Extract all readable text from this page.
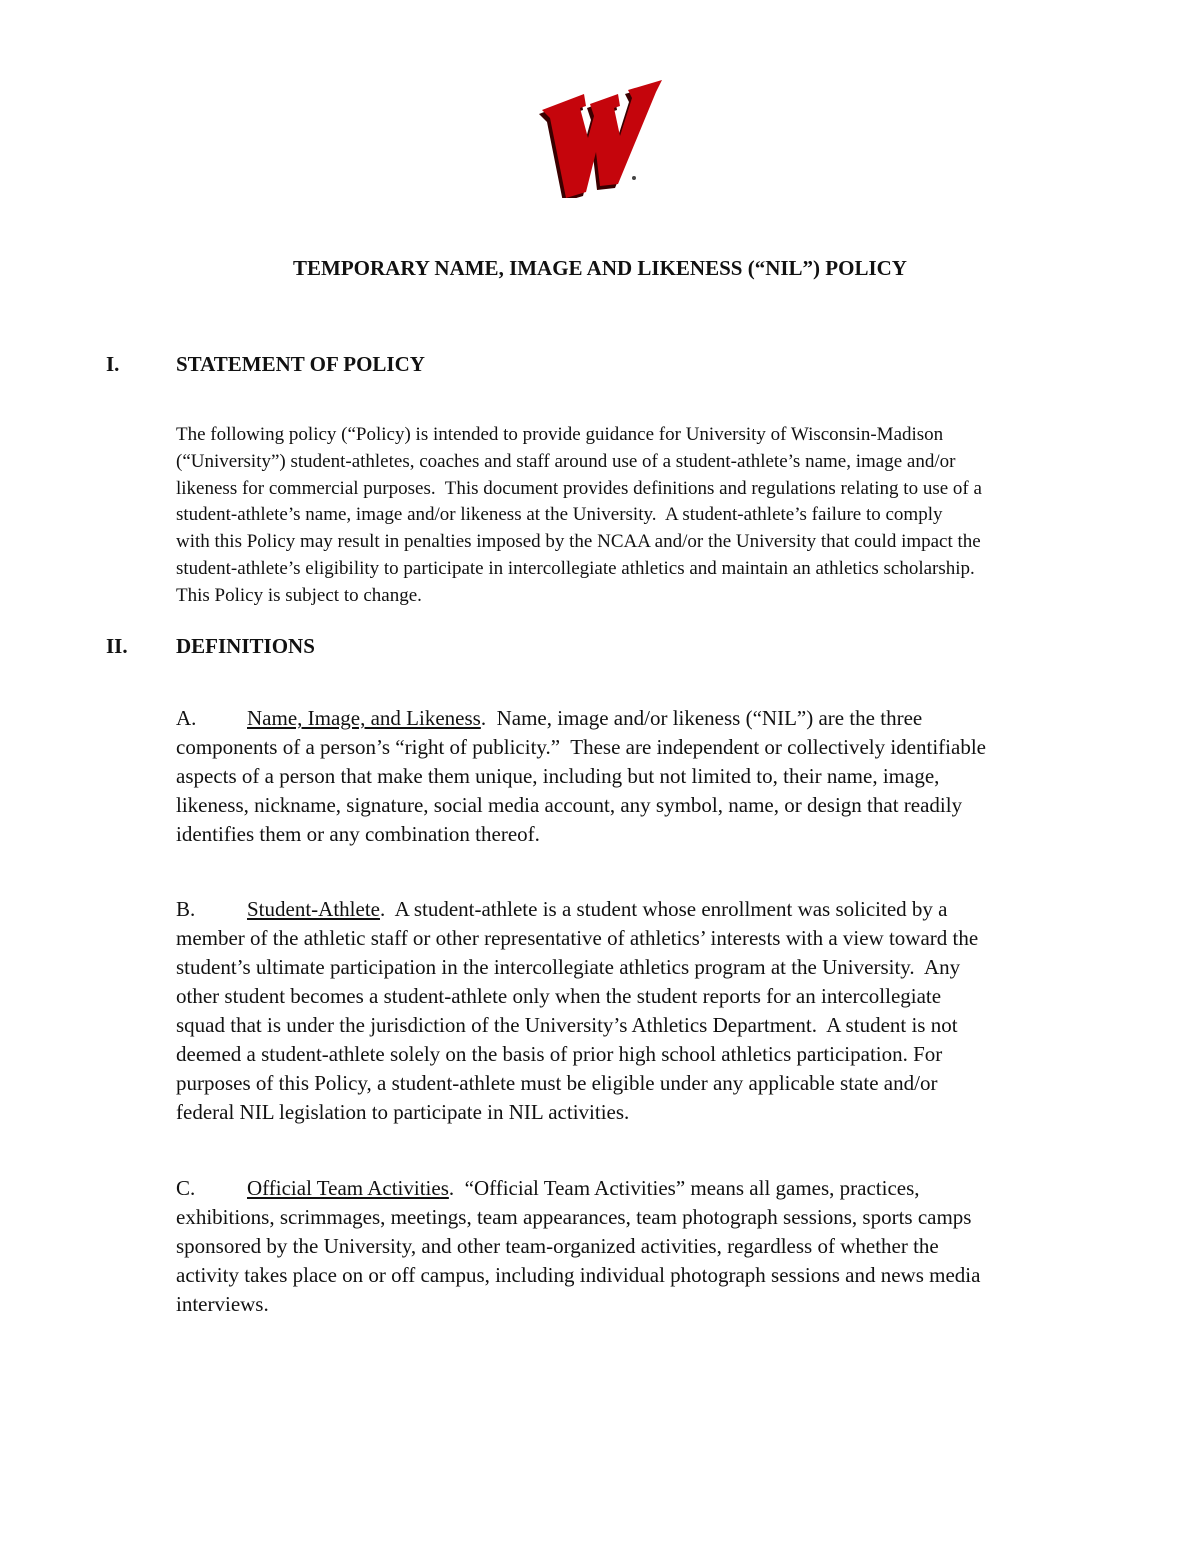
TEMPORARY NAME, IMAGE AND LIKENESS (“NIL”) POLICY
I.	STATEMENT OF POLICY
The following policy (“Policy) is intended to provide guidance for University of Wisconsin-Madison
(“University”) student-athletes, coaches and staff around use of a student-athlete’s name, image and/or
likeness for commercial purposes.  This document provides definitions and regulations relating to use of a
student-athlete’s name, image and/or likeness at the University.  A student-athlete’s failure to comply
with this Policy may result in penalties imposed by the NCAA and/or the University that could impact the
student-athlete’s eligibility to participate in intercollegiate athletics and maintain an athletics scholarship.
This Policy is subject to change.
II. DEFINITIONS
A. Name, Image, and Likeness.  Name, image and/or likeness (“NIL”) are the three
components of a person’s “right of publicity.”  These are independent or collectively identifiable
aspects of a person that make them unique, including but not limited to, their name, image,
likeness, nickname, signature, social media account, any symbol, name, or design that readily
identifies them or any combination thereof.
B. Student-Athlete.  A student-athlete is a student whose enrollment was solicited by a
member of the athletic staff or other representative of athletics’ interests with a view toward the
student’s ultimate participation in the intercollegiate athletics program at the University.  Any
other student becomes a student-athlete only when the student reports for an intercollegiate
squad that is under the jurisdiction of the University’s Athletics Department.  A student is not
deemed a student-athlete solely on the basis of prior high school athletics participation. For
purposes of this Policy, a student-athlete must be eligible under any applicable state and/or
federal NIL legislation to participate in NIL activities.
C. Official Team Activities.  “Official Team Activities” means all games, practices,
exhibitions, scrimmages, meetings, team appearances, team photograph sessions, sports camps
sponsored by the University, and other team-organized activities, regardless of whether the
activity takes place on or off campus, including individual photograph sessions and news media
interviews.
